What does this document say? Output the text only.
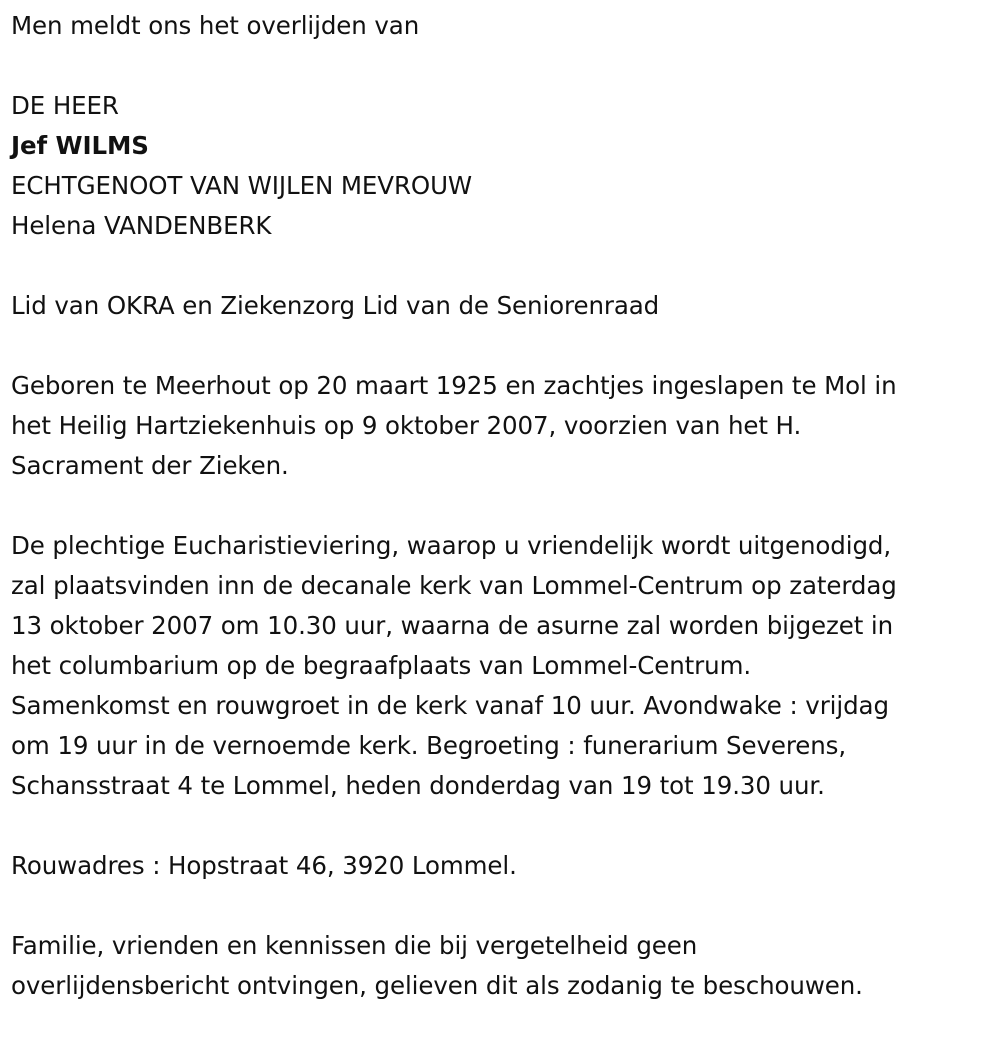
Men meldt ons het overlijden van
DE HEER
Jef WILMS
ECHTGENOOT VAN WIJLEN MEVROUW
Helena VANDENBERK
Lid van OKRA en Ziekenzorg Lid van de Seniorenraad
Geboren te Meerhout op 20 maart 1925 en zachtjes ingeslapen te Mol in
het Heilig Hartziekenhuis op 9 oktober 2007, voorzien van het H.
Sacrament der Zieken.
De plechtige Eucharistieviering, waarop u vriendelijk wordt uitgenodigd,
zal plaatsvinden inn de decanale kerk van Lommel-Centrum op zaterdag
13 oktober 2007 om 10.30 uur, waarna de asurne zal worden bijgezet in
het columbarium op de begraafplaats van Lommel-Centrum.
Samenkomst en rouwgroet in de kerk vanaf 10 uur. Avondwake : vrijdag
om 19 uur in de vernoemde kerk. Begroeting : funerarium Severens,
Schansstraat 4 te Lommel, heden donderdag van 19 tot 19.30 uur.
Rouwadres : Hopstraat 46, 3920 Lommel.
Familie, vrienden en kennissen die bij vergetelheid geen
overlijdensbericht ontvingen, gelieven dit als zodanig te beschouwen.
